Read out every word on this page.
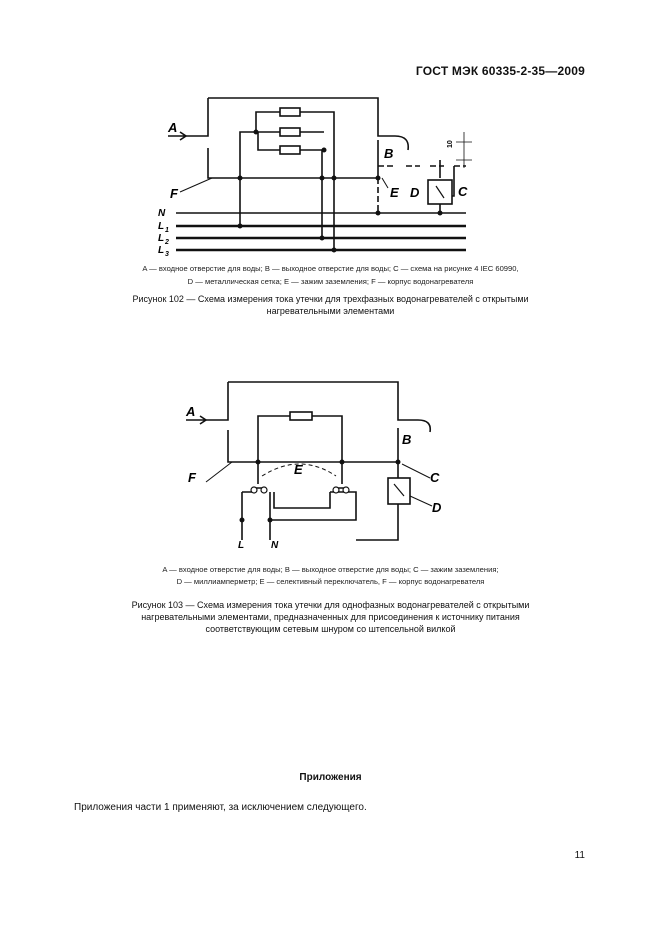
ГОСТ МЭК 60335-2-35—2009
A
B
C
D
E
F
N
L 1
L 2
L 3
10
A — входное отверстие для воды; B — выходное отверстие для воды; C — схема на рисунке 4 IEC 60990,
D — металлическая сетка; E — зажим заземления; F — корпус водонагревателя
Рисунок 102 — Схема измерения тока утечки для трехфазных водонагревателей с открытыми
нагревательными элементами
A
B
C
D
E
F
L	N
A — входное отверстие для воды; B — выходное отверстие для воды; C — зажим заземления;
D — миллиамперметр; E — селективный переключатель, F — корпус водонагревателя
Рисунок 103 — Схема измерения тока утечки для однофазных водонагревателей с открытыми
нагревательными элементами, предназначенных для присоединения к источнику питания
соответствующим сетевым шнуром со штепсельной вилкой
Приложения
Приложения части 1 применяют, за исключением следующего.
11
